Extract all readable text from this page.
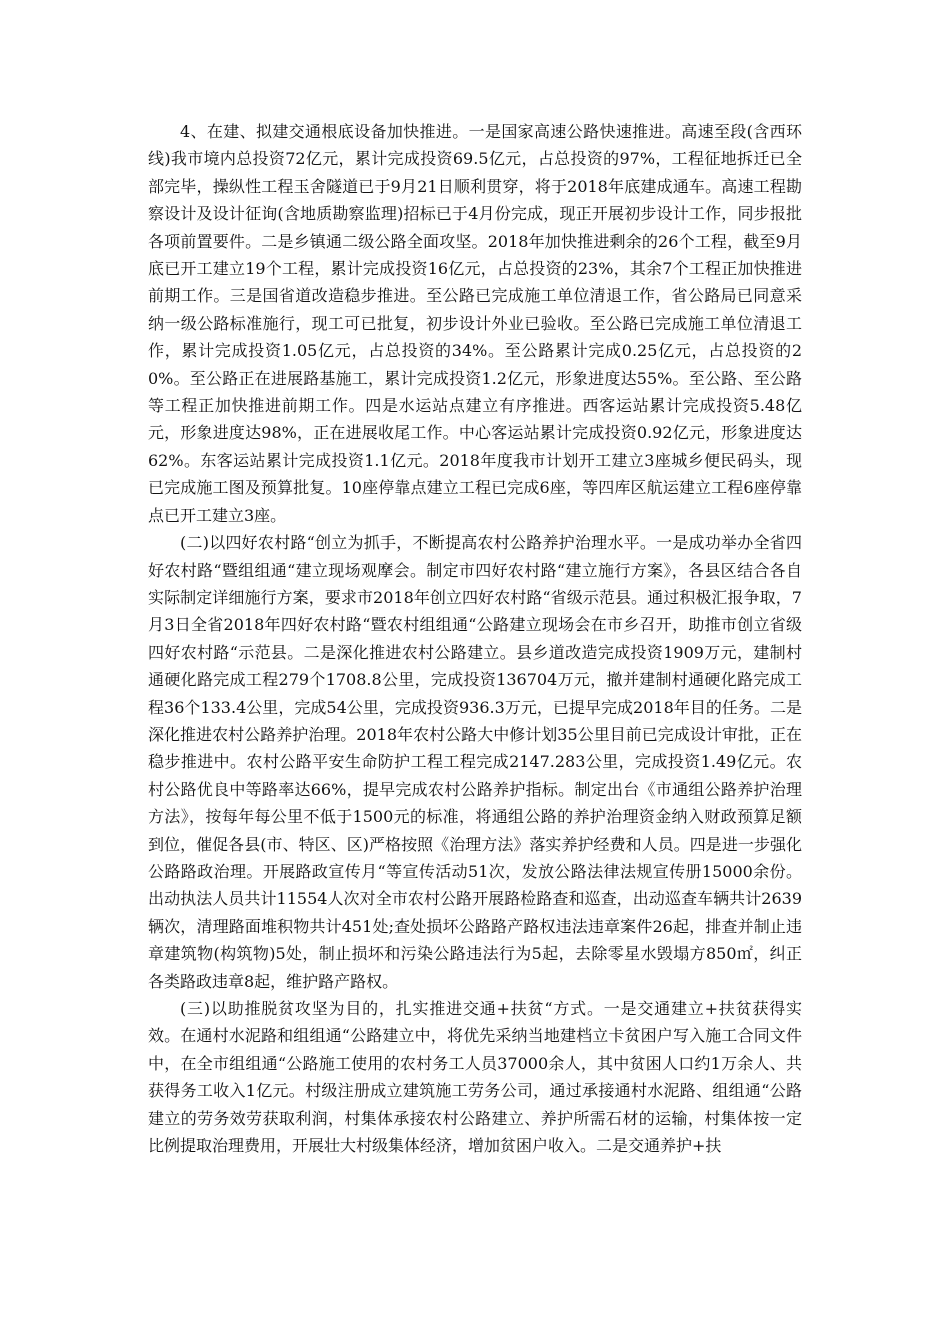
4、在建、拟建交通根底设备加快推进。一是国家高速公路快速推进。高速至段(含西环线)我市境内总投资72亿元，累计完成投资69.5亿元，占总投资的97%，工程征地拆迁已全部完毕，操纵性工程玉舍隧道已于9月21日顺利贯穿，将于2018年底建成通车。高速工程勘察设计及设计征询(含地质勘察监理)招标已于4月份完成，现正开展初步设计工作，同步报批各项前置要件。二是乡镇通二级公路全面攻坚。2018年加快推进剩余的26个工程，截至9月底已开工建立19个工程，累计完成投资16亿元，占总投资的23%，其余7个工程正加快推进前期工作。三是国省道改造稳步推进。至公路已完成施工单位清退工作，省公路局已同意采纳一级公路标准施行，现工可已批复，初步设计外业已验收。至公路已完成施工单位清退工作，累计完成投资1.05亿元，占总投资的34%。至公路累计完成0.25亿元，占总投资的20%。至公路正在进展路基施工，累计完成投资1.2亿元，形象进度达55%。至公路、至公路等工程正加快推进前期工作。四是水运站点建立有序推进。西客运站累计完成投资5.48亿元，形象进度达98%，正在进展收尾工作。中心客运站累计完成投资0.92亿元，形象进度达62%。东客运站累计完成投资1.1亿元。2018年度我市计划开工建立3座城乡便民码头，现已完成施工图及预算批复。10座停靠点建立工程已完成6座，等四库区航运建立工程6座停靠点已开工建立3座。

(二)以四好农村路“创立为抓手，不断提高农村公路养护治理水平。一是成功举办全省四好农村路“暨组组通“建立现场观摩会。制定市四好农村路“建立施行方案》，各县区结合各自实际制定详细施行方案，要求市2018年创立四好农村路“省级示范县。通过积极汇报争取，7月3日全省2018年四好农村路“暨农村组组通“公路建立现场会在市乡召开，助推市创立省级四好农村路“示范县。二是深化推进农村公路建立。县乡道改造完成投资1909万元，建制村通硬化路完成工程279个1708.8公里，完成投资136704万元，撤并建制村通硬化路完成工程36个133.4公里，完成54公里，完成投资936.3万元，已提早完成2018年目的任务。二是深化推进农村公路养护治理。2018年农村公路大中修计划35公里目前已完成设计审批，正在稳步推进中。农村公路平安生命防护工程工程完成2147.283公里，完成投资1.49亿元。农村公路优良中等路率达66%，提早完成农村公路养护指标。制定出台《市通组公路养护治理方法》，按每年每公里不低于1500元的标准，将通组公路的养护治理资金纳入财政预算足额到位，催促各县(市、特区、区)严格按照《治理方法》落实养护经费和人员。四是进一步强化公路路政治理。开展路政宣传月“等宣传活动51次，发放公路法律法规宣传册15000余份。出动执法人员共计11554人次对全市农村公路开展路检路查和巡查，出动巡查车辆共计2639辆次，清理路面堆积物共计451处;查处损坏公路路产路权违法违章案件26起，排查并制止违章建筑物(构筑物)5处，制止损坏和污染公路违法行为5起，去除零星水毁塌方850㎡，纠正各类路政违章8起，维护路产路权。

(三)以助推脱贫攻坚为目的，扎实推进交通+扶贫“方式。一是交通建立+扶贫获得实效。在通村水泥路和组组通“公路建立中，将优先采纳当地建档立卡贫困户写入施工合同文件中，在全市组组通“公路施工使用的农村务工人员37000余人，其中贫困人口约1万余人、共获得务工收入1亿元。村级注册成立建筑施工劳务公司，通过承接通村水泥路、组组通“公路建立的劳务效劳获取利润，村集体承接农村公路建立、养护所需石材的运输，村集体按一定比例提取治理费用，开展壮大村级集体经济，增加贫困户收入。二是交通养护+扶
